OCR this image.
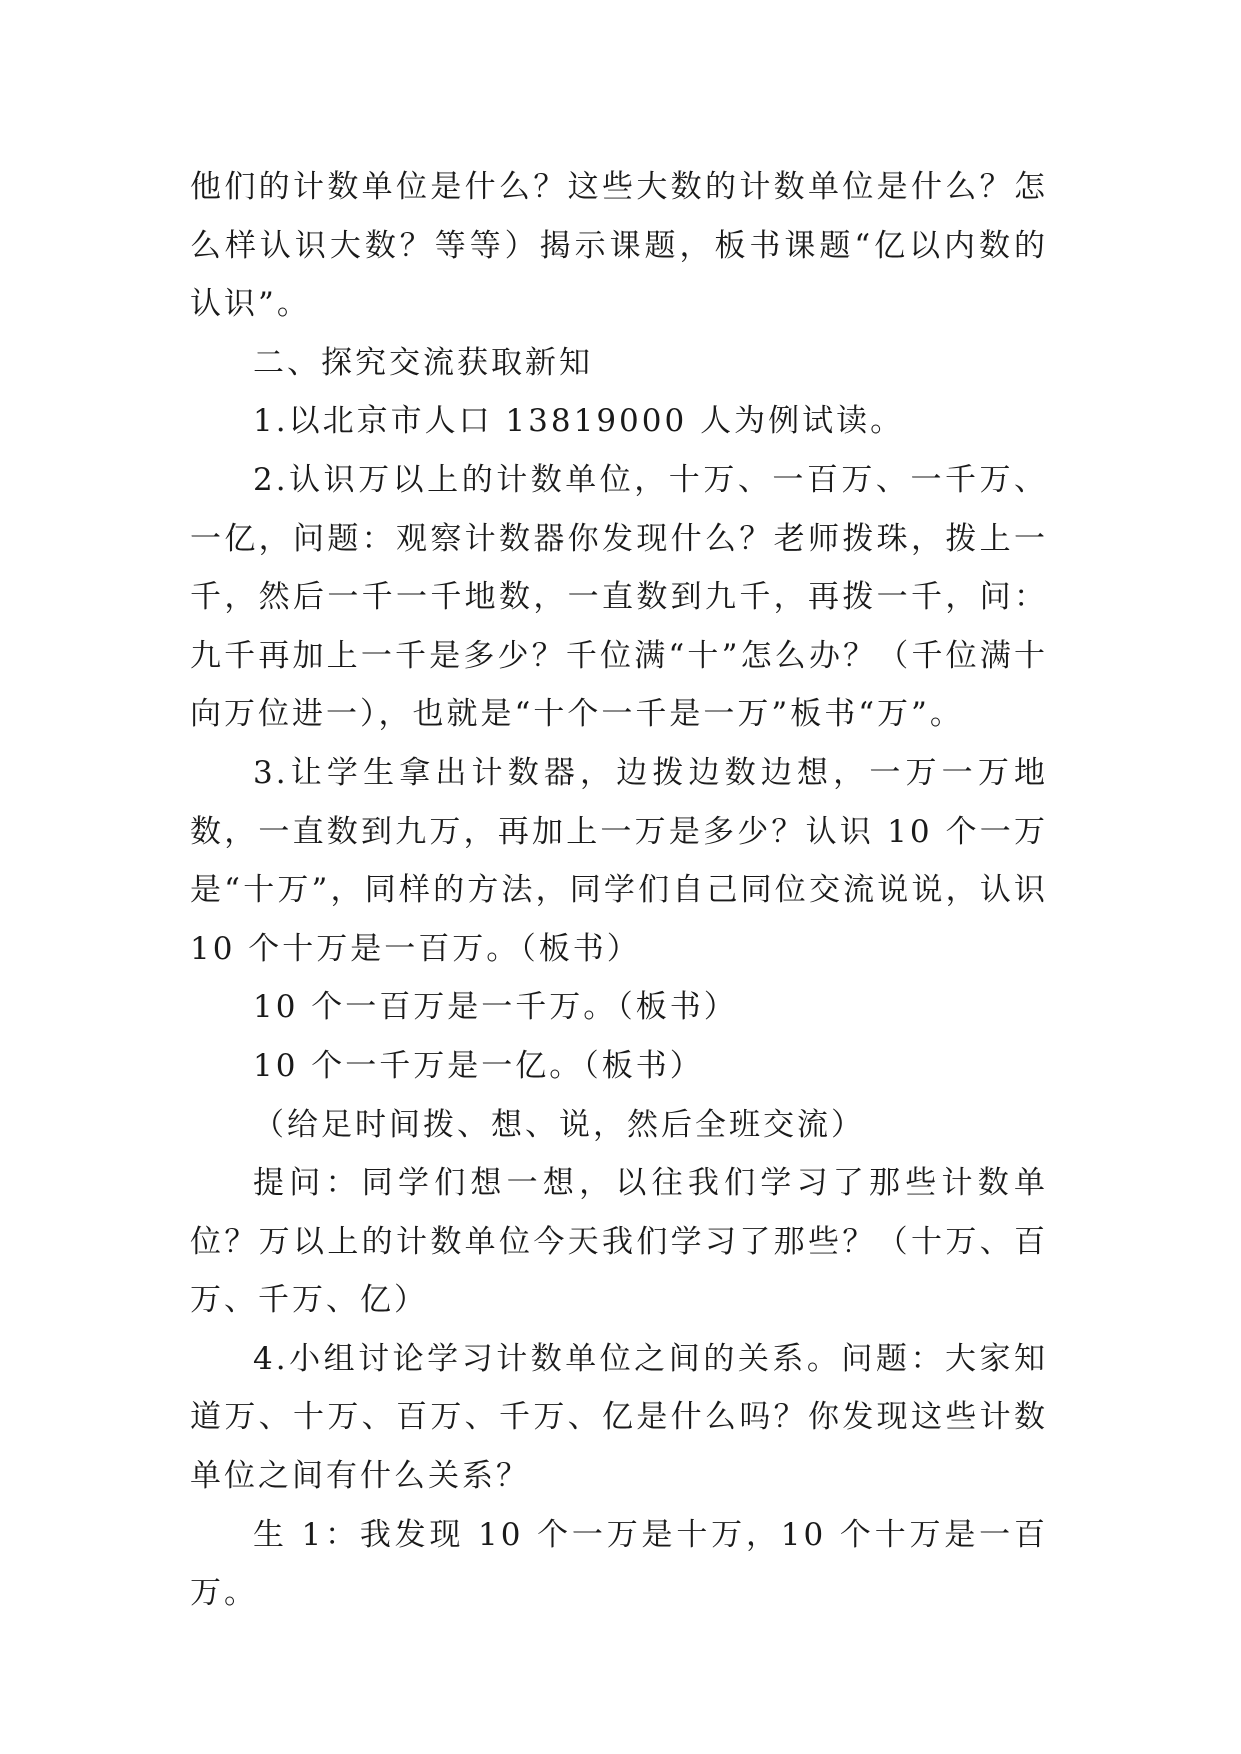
他们的计数单位是什么？这些大数的计数单位是什么？怎么样认识大数？等等）揭示课题，板书课题“亿以内数的认识”。

二、探究交流获取新知

1.以北京市人口 13819000 人为例试读。

2.认识万以上的计数单位，十万、一百万、一千万、一亿，问题：观察计数器你发现什么？老师拨珠，拨上一千，然后一千一千地数，一直数到九千，再拨一千，问：九千再加上一千是多少？千位满“十”怎么办？（千位满十向万位进一），也就是“十个一千是一万”板书“万”。

3.让学生拿出计数器，边拨边数边想，一万一万地数，一直数到九万，再加上一万是多少？认识 10 个一万是“十万”，同样的方法，同学们自己同位交流说说，认识 10 个十万是一百万。（板书）

10 个一百万是一千万。（板书）

10 个一千万是一亿。（板书）

（给足时间拨、想、说，然后全班交流）

提问：同学们想一想，以往我们学习了那些计数单位？万以上的计数单位今天我们学习了那些？（十万、百万、千万、亿）

4.小组讨论学习计数单位之间的关系。问题：大家知道万、十万、百万、千万、亿是什么吗？你发现这些计数单位之间有什么关系？

生 1：我发现 10 个一万是十万，10 个十万是一百万。
